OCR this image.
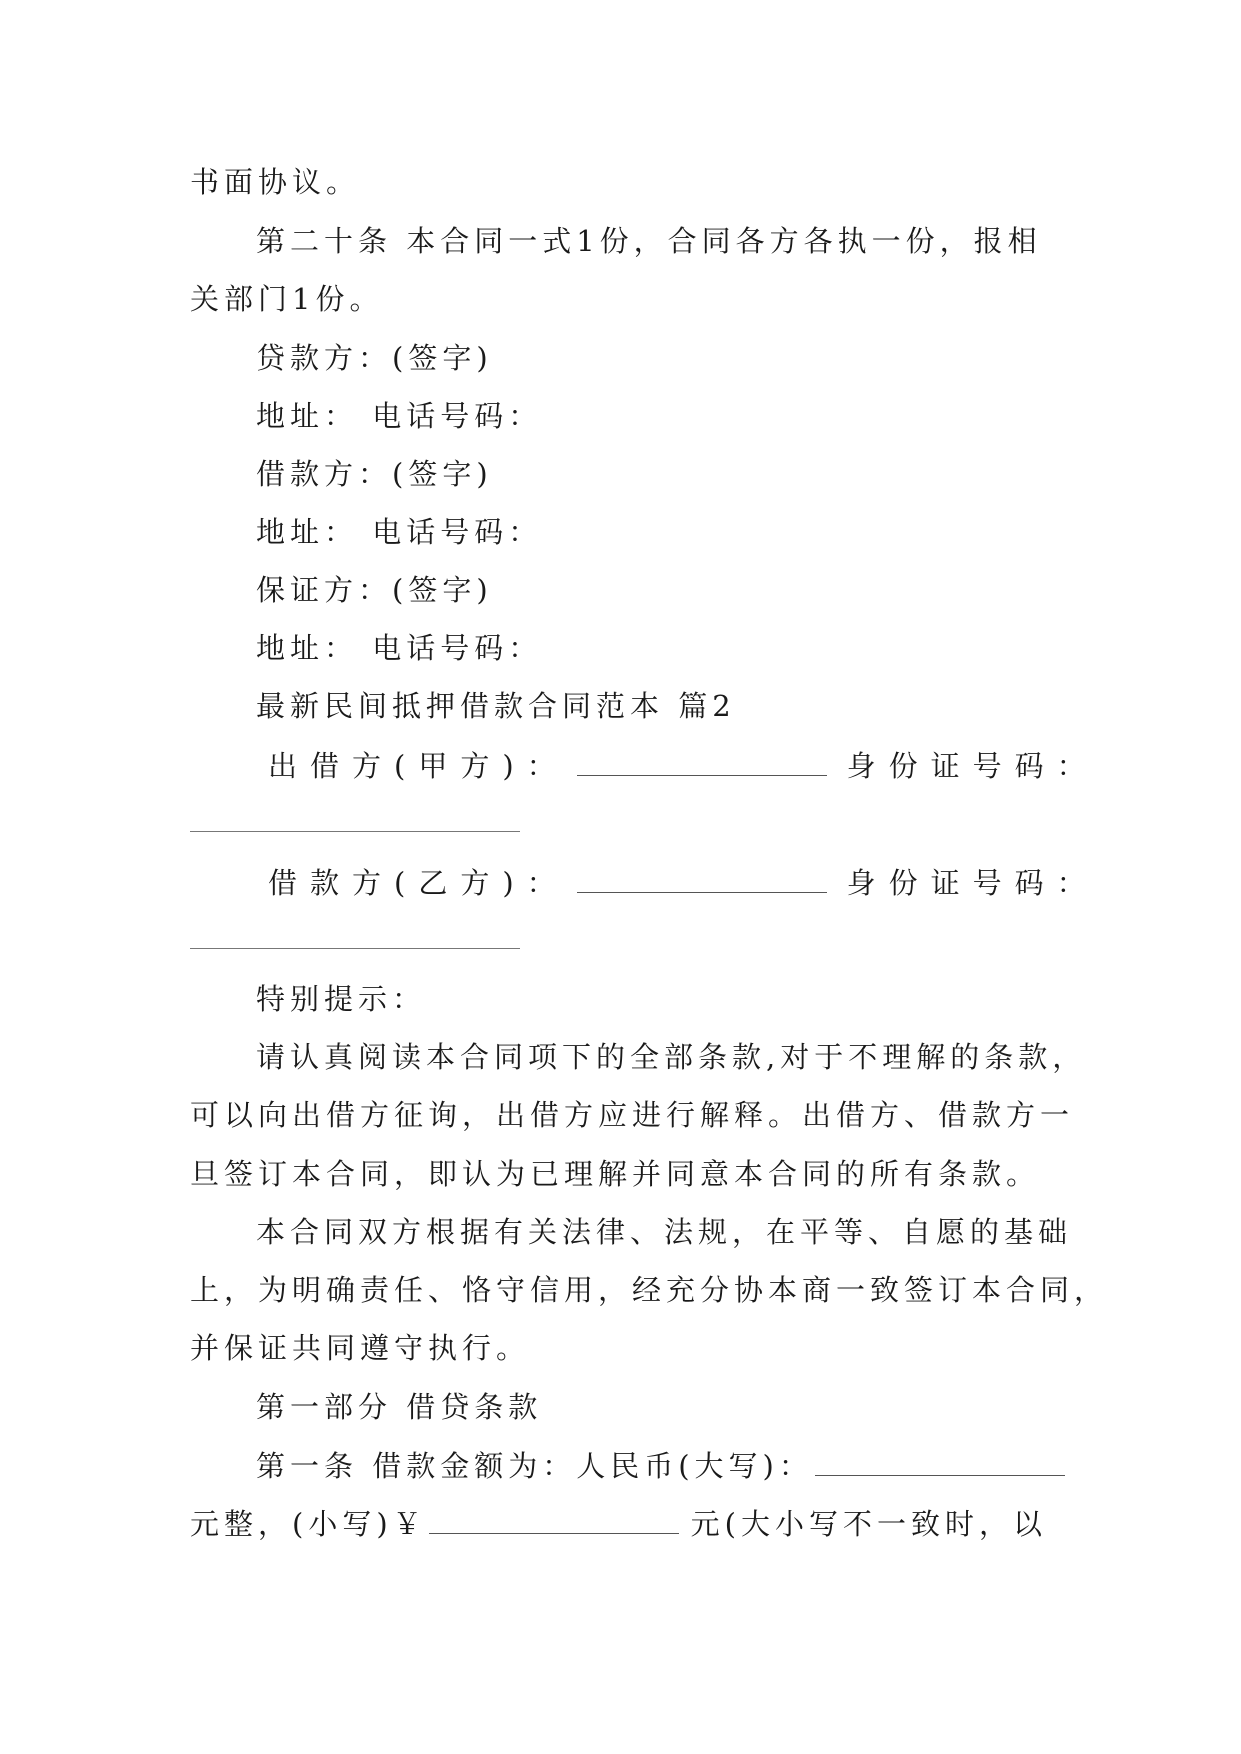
书面协议。
第二十条 本合同一式1份，合同各方各执一份，报相
关部门1份。
贷款方：(签字)
地址： 电话号码：
借款方：(签字)
地址： 电话号码：
保证方：(签字)
地址： 电话号码：
最新民间抵押借款合同范本 篇2
出借方(甲方)：	身份证号码：
借款方(乙方)：	身份证号码：
特别提示：
请认真阅读本合同项下的全部条款,对于不理解的条款，
可以向出借方征询，出借方应进行解释。出借方、借款方一
旦签订本合同，即认为已理解并同意本合同的所有条款。
本合同双方根据有关法律、法规，在平等、自愿的基础
上，为明确责任、恪守信用，经充分协本商一致签订本合同，
并保证共同遵守执行。
第一部分 借贷条款
第一条 借款金额为：人民币(大写)：
元整，(小写)￥	元(大小写不一致时，以
